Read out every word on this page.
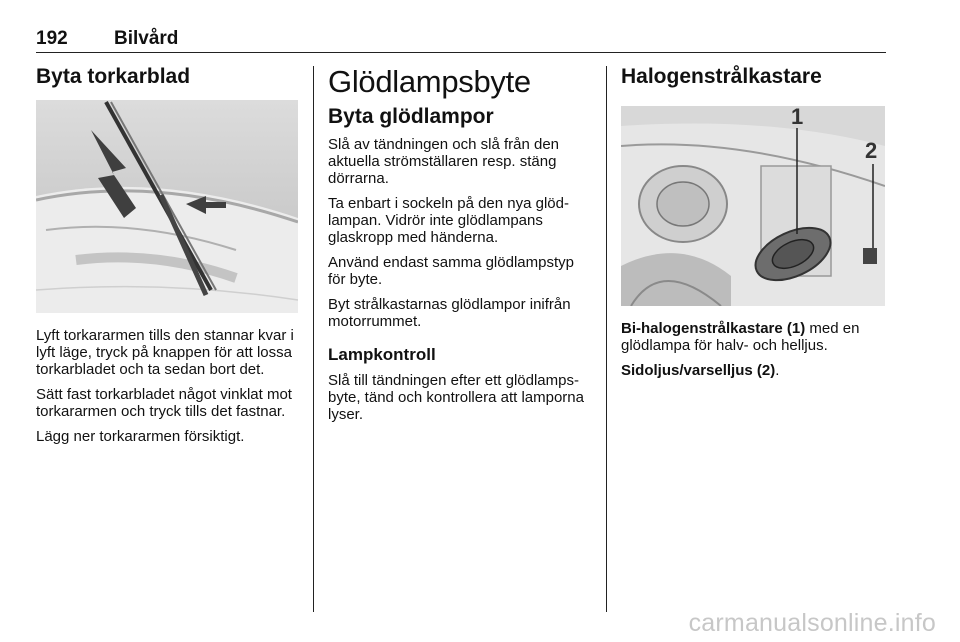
192 Bilvård
Byta torkarblad

Lyft torkararmen tills den stannar kvar i lyft läge, tryck på knappen för att lossa torkarbladet och ta sedan bort det.

Sätt fast torkarbladet något vinklat mot torkararmen och tryck tills det fastnar.

Lägg ner torkararmen försiktigt.

Glödlampsbyte
Byta glödlampor

Slå av tändningen och slå från den aktuella strömställaren resp. stäng dörrarna.

Ta enbart i sockeln på den nya glödlampan. Vidrör inte glödlampans glaskropp med händerna.

Använd endast samma glödlampstyp för byte.

Byt strålkastarnas glödlampor inifrån motorrummet.

Lampkontroll

Slå till tändningen efter ett glödlampsbyte, tänd och kontrollera att lamporna lyser.

Halogenstrålkastare
1
2

Bi-halogenstrålkastare (1) med en glödlampa för halv- och helljus.

Sidoljus/varselljus (2).

carmanualsonline.info
